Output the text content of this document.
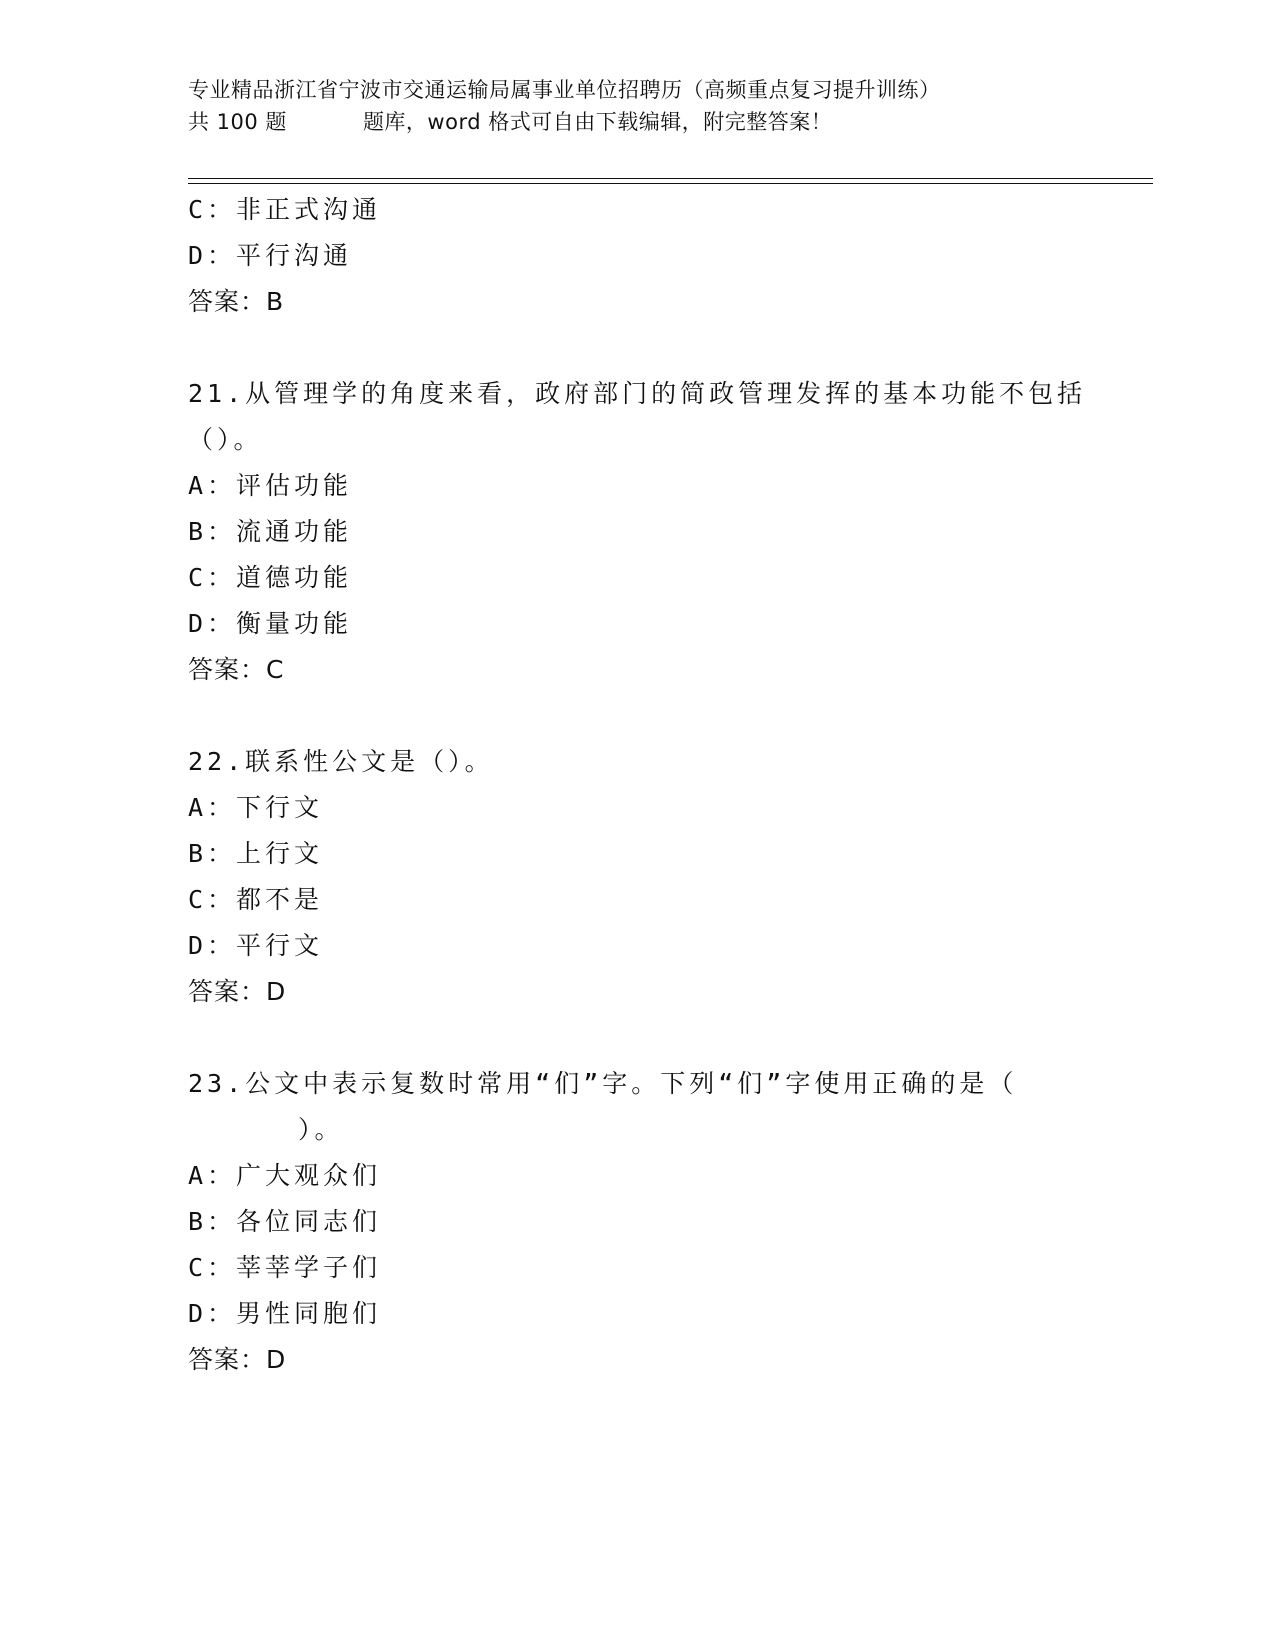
专业精品浙江省宁波市交通运输局属事业单位招聘历（高频重点复习提升训练）
共 100 题	题库，word 格式可自由下载编辑，附完整答案！
C：非正式沟通
D：平行沟通
答案：B
21.从管理学的角度来看，政府部门的简政管理发挥的基本功能不包括
（）。
A：评估功能
B：流通功能
C：道德功能
D：衡量功能
答案：C
22.联系性公文是（）。
A：下行文
B：上行文
C：都不是
D：平行文
答案：D
23.公文中表示复数时常用“们”字。下列“们”字使用正确的是（
）。
A：广大观众们
B：各位同志们
C：莘莘学子们
D：男性同胞们
答案：D
